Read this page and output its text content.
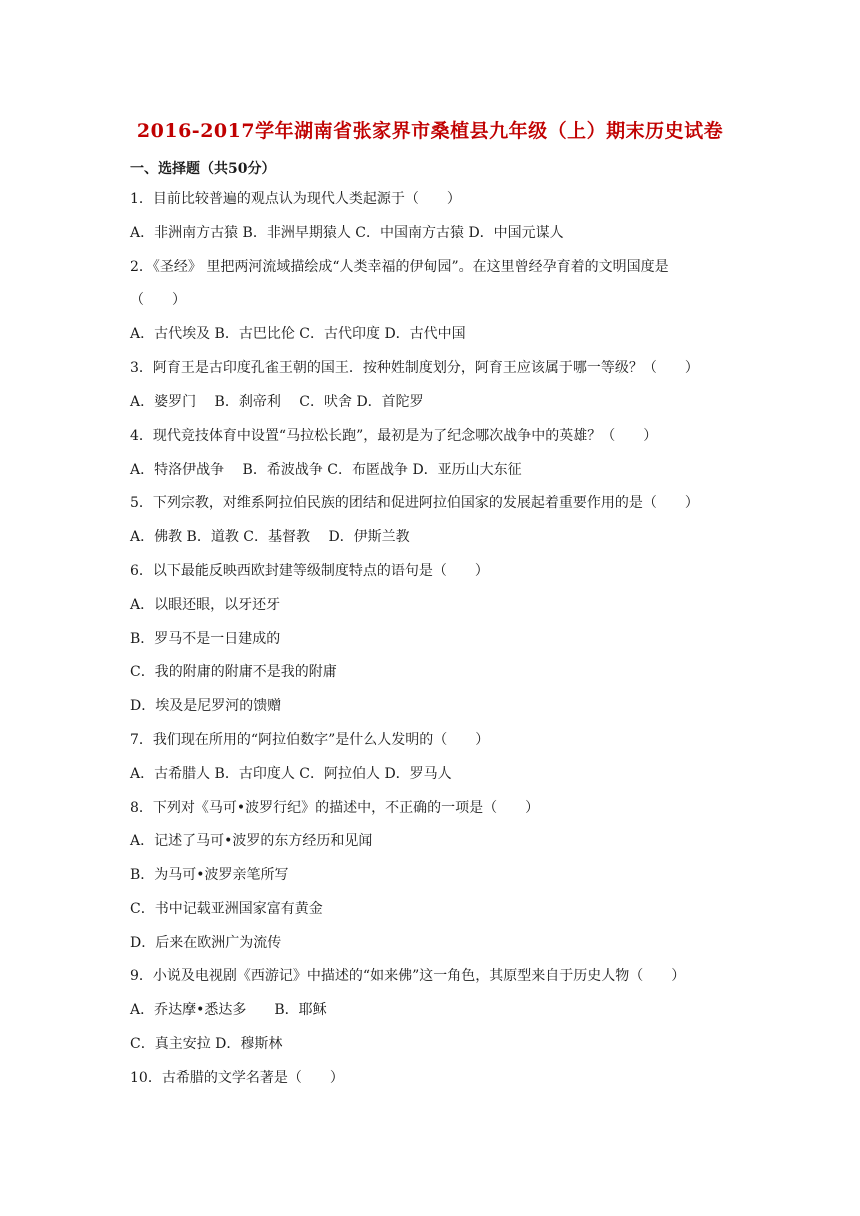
2016-2017学年湖南省张家界市桑植县九年级（上）期末历史试卷
一、选择题（共50分）
1．目前比较普遍的观点认为现代人类起源于（　　）
A．非洲南方古猿 B．非洲早期猿人 C．中国南方古猿 D．中国元谋人
2．《圣经》 里把两河流域描绘成“人类幸福的伊甸园”。在这里曾经孕育着的文明国度是
（　　）
A．古代埃及 B．古巴比伦 C．古代印度 D．古代中国
3．阿育王是古印度孔雀王朝的国王．按种姓制度划分，阿育王应该属于哪一等级？（　　）
A．婆罗门　 B．刹帝利　 C．吠舍 D．首陀罗
4．现代竞技体育中设置“马拉松长跑”，最初是为了纪念哪次战争中的英雄？（　　）
A．特洛伊战争　 B．希波战争 C．布匿战争 D．亚历山大东征
5．下列宗教，对维系阿拉伯民族的团结和促进阿拉伯国家的发展起着重要作用的是（　　）
A．佛教 B．道教 C．基督教　 D．伊斯兰教
6．以下最能反映西欧封建等级制度特点的语句是（　　）
A．以眼还眼，以牙还牙
B．罗马不是一日建成的
C．我的附庸的附庸不是我的附庸
D．埃及是尼罗河的馈赠
7．我们现在所用的“阿拉伯数字”是什么人发明的（　　）
A．古希腊人 B．古印度人 C．阿拉伯人 D．罗马人
8．下列对《马可•波罗行纪》的描述中，不正确的一项是（　　）
A．记述了马可•波罗的东方经历和见闻
B．为马可•波罗亲笔所写
C．书中记载亚洲国家富有黄金
D．后来在欧洲广为流传
9．小说及电视剧《西游记》中描述的“如来佛”这一角色，其原型来自于历史人物（　　）
A．乔达摩•悉达多　　B．耶稣
C．真主安拉 D．穆斯林
10．古希腊的文学名著是（　　）
